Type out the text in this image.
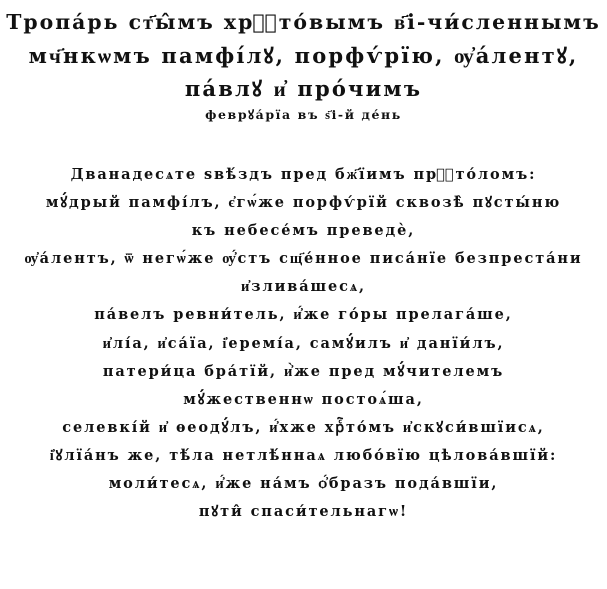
Тропа́рь ст҃ы̂мъ хрⷭ҇то́вымъ в҃і-чи́сленнымъ
мч҃нкѡмъ памфі́лꙋ, порфѵ́рїю, ѹ҆а́лентꙋ,
па́влꙋ и҆ про́чимъ
феврꙋа́рїа въ ѕ҃і-й де́нь
Дванадесѧте ѕвѣ́здъ пред бж҃їимъ прⷭ҇то́ломъ:
мꙋ́дрый памфі́лъ, є҆гѡ́же порфѵ́рїй сквозѣ̀ пꙋсты́ню
къ небесе́мъ преведѐ,
ѹ҆а́лентъ, ѿ негѡ́же ѹ҆́стъ сщ҃е́нное писа́нїе безпреста́ни
и҆злива́шесѧ,
па́велъ ревни́тель, и҆́же го́ры прелага́ше,
и҆лі́а, и҆са́їа, і҆еремі́а, самꙋ́илъ и҆ данїи́лъ,
патери́ца бра́тїй, и҆̀же пред мꙋ́чителемъ
мꙋ́жественнѡ постоѧ́ша,
селевкі́й и҆ ѳеодꙋ́лъ, и҆́хже хрⷭ҇то́мъ и҆скꙋси́вшїисѧ,
і҆ꙋлїа́нъ же, тѣ́ла нетлѣ́ннаѧ любо́вїю цѣлова́вшїй:
моли́тесѧ, и҆́же на́мъ ѻ҆́бразъ пода́вшїи,
пꙋти̂ спаси́тельнагѡ!
